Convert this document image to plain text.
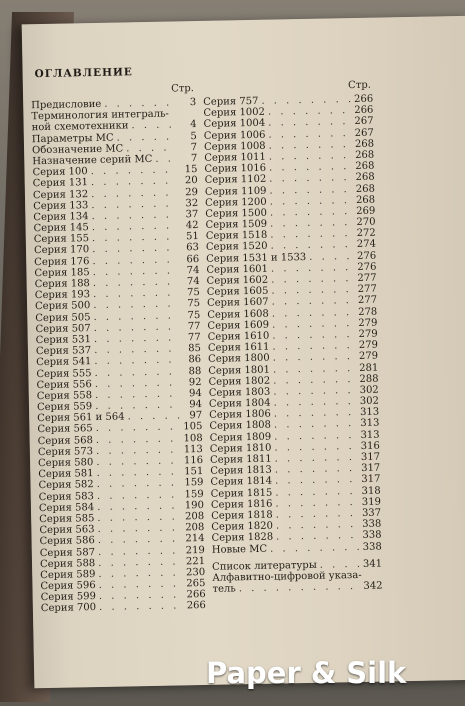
ОГЛАВЛЕНИЕ
Стр.
Предисловие . . .	3
Терминология интеграль-
ной схемотехники . . .	4
Параметры МС . . .	5
Обозначение МС . . .	7
Назначение серий МС . . .	7
Серия 100 . . .	15
Серия 131 . . .	20
Серия 132 . . .	29
Серия 133 . . .	32
Серия 134 . . .	37
Серия 145 . . .	42
Серия 155 . . .	51
Серия 170 . . .	63
Серия 176 . . .	66
Серия 185 . . .	74
Серия 188 . . .	74
Серия 193 . . .	75
Серия 500 . . .	75
Серия 505 . . .	75
Серия 507 . . .	77
Серия 531 . . .	77
Серия 537 . . .	85
Серия 541 . . .	86
Серия 555 . . .	88
Серия 556 . . .	92
Серия 558 . . .	94
Серия 559 . . .	94
Серия 561 и 564 . . .	97
Серия 565 . . .	105
Серия 568 . . .	108
Серия 573 . . .	113
Серия 580 . . .	116
Серия 581 . . .	151
Серия 582 . . .	159
Серия 583 . . .	159
Серия 584 . . .	190
Серия 585 . . .	208
Серия 563 . . .	208
Серия 586 . . .	214
Серия 587 . . .	219
Серия 588 . . .	221
Серия 589 . . .	230
Серия 596 . . .	265
Серия 599 . . .	266
Серия 700 . . .	266
Стр.
Серия 757 . . .	266
Серия 1002 . . .	266
Серия 1004 . . .	267
Серия 1006 . . .	267
Серия 1008 . . .	268
Серия 1011 . . .	268
Серия 1016 . . .	268
Серия 1102 . . .	268
Серия 1109 . . .	268
Серия 1200 . . .	268
Серия 1500 . . .	269
Серия 1509 . . .	270
Серия 1518 . . .	272
Серия 1520 . . .	274
Серия 1531 и 1533 . . .	276
Серия 1601 . . .	276
Серия 1602 . . .	277
Серия 1605 . . .	277
Серия 1607 . . .	277
Серия 1608 . . .	278
Серия 1609 . . .	279
Серия 1610 . . .	279
Серия 1611 . . .	279
Серия 1800 . . .	279
Серия 1801 . . .	281
Серия 1802 . . .	288
Серия 1803 . . .	302
Серия 1804 . . .	302
Серия 1806 . . .	313
Серия 1808 . . .	313
Серия 1809 . . .	313
Серия 1810 . . .	316
Серия 1811 . . .	317
Серия 1813 . . .	317
Серия 1814 . . .	317
Серия 1815 . . .	318
Серия 1816 . . .	319
Серия 1818 . . .	337
Серия 1820 . . .	338
Серия 1828 . . .	338
Новые МС . . .	338
Список литературы . . .	341
Алфавитно-цифровой указа-
тель . . .	342
Paper & Silk
